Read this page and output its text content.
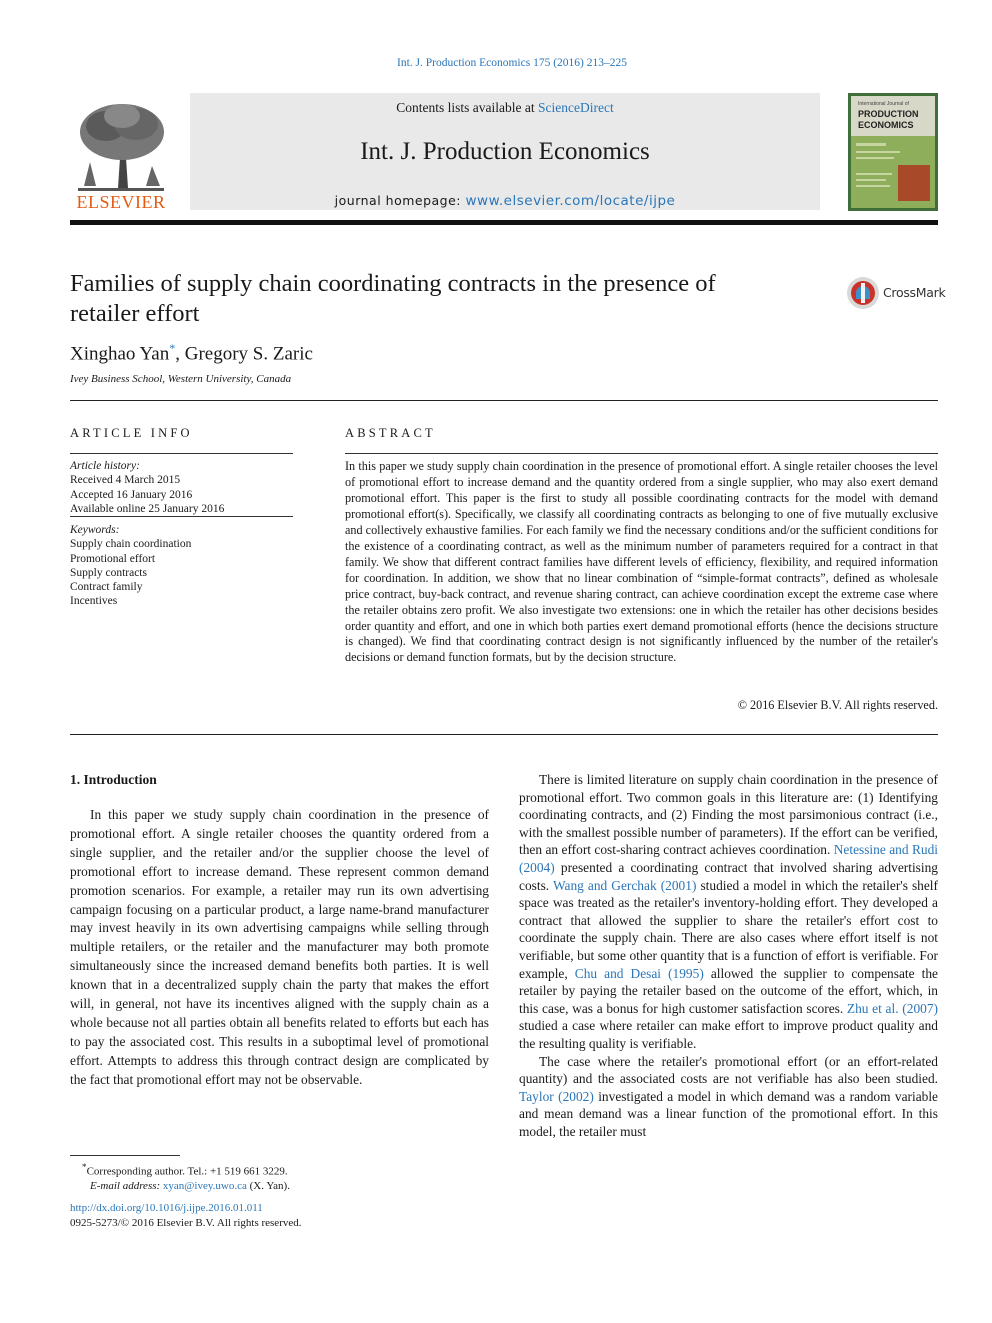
Int. J. Production Economics 175 (2016) 213–225
ELSEVIER
Contents lists available at ScienceDirect
Int. J. Production Economics
journal homepage: www.elsevier.com/locate/ijpe
International Journal of
PRODUCTION
ECONOMICS
Families of supply chain coordinating contracts in the presence of retailer effort
CrossMark
Xinghao Yan*, Gregory S. Zaric
Ivey Business School, Western University, Canada
ARTICLE INFO	ABSTRACT
Article history:
Received 4 March 2015
Accepted 16 January 2016
Available online 25 January 2016
Keywords:
Supply chain coordination
Promotional effort
Supply contracts
Contract family
Incentives
In this paper we study supply chain coordination in the presence of promotional effort. A single retailer chooses the level of promotional effort to increase demand and the quantity ordered from a single supplier, who may also exert demand promotional effort. This paper is the first to study all possible coordinating contracts for the model with demand promotional effort(s). Specifically, we classify all coordinating contracts as belonging to one of five mutually exclusive and collectively exhaustive families. For each family we find the necessary conditions and/or the sufficient conditions for the existence of a coordinating contract, as well as the minimum number of parameters required for a contract in that family. We show that different contract families have different levels of efficiency, flexibility, and required information for coordination. In addition, we show that no linear combination of “simple-format contracts”, defined as wholesale price contract, buy-back contract, and revenue sharing contract, can achieve coordination except the extreme case where the retailer obtains zero profit. We also investigate two extensions: one in which the retailer has other decisions besides order quantity and effort, and one in which both parties exert demand promotional efforts (hence the decisions structure is changed). We find that coordinating contract design is not significantly influenced by the number of the retailer's decisions or demand function formats, but by the decision structure.
© 2016 Elsevier B.V. All rights reserved.
1. Introduction

In this paper we study supply chain coordination in the presence of promotional effort. A single retailer chooses the quantity ordered from a single supplier, and the retailer and/or the supplier choose the level of promotional effort to increase demand. These represent common demand promotion scenarios. For example, a retailer may run its own advertising campaign focusing on a particular product, a large name-brand manufacturer may invest heavily in its own advertising campaigns while selling through multiple retailers, or the retailer and the manufacturer may both promote simultaneously since the increased demand benefits both parties. It is well known that in a decentralized supply chain the party that makes the effort will, in general, not have its incentives aligned with the supply chain as a whole because not all parties obtain all benefits related to efforts but each has to pay the associated cost. This results in a suboptimal level of promotional effort. Attempts to address this through contract design are complicated by the fact that promotional effort may not be observable.

There is limited literature on supply chain coordination in the presence of promotional effort. Two common goals in this literature are: (1) Identifying coordinating contracts, and (2) Finding the most parsimonious contract (i.e., with the smallest possible number of parameters). If the effort can be verified, then an effort cost-sharing contract achieves coordination. Netessine and Rudi (2004) presented a coordinating contract that involved sharing advertising costs. Wang and Gerchak (2001) studied a model in which the retailer's shelf space was treated as the retailer's inventory-holding effort. They developed a contract that allowed the supplier to share the retailer's effort cost to coordinate the supply chain. There are also cases where effort itself is not verifiable, but some other quantity that is a function of effort is verifiable. For example, Chu and Desai (1995) allowed the supplier to compensate the retailer by paying the retailer based on the outcome of the effort, which, in this case, was a bonus for high customer satisfaction scores. Zhu et al. (2007) studied a case where retailer can make effort to improve product quality and the resulting quality is verifiable.

The case where the retailer's promotional effort (or an effort-related quantity) and the associated costs are not verifiable has also been studied. Taylor (2002) investigated a model in which demand was a random variable and mean demand was a linear function of the promotional effort. In this model, the retailer must

*Corresponding author. Tel.: +1 519 661 3229.
E-mail address: xyan@ivey.uwo.ca (X. Yan).
http://dx.doi.org/10.1016/j.ijpe.2016.01.011
0925-5273/© 2016 Elsevier B.V. All rights reserved.
